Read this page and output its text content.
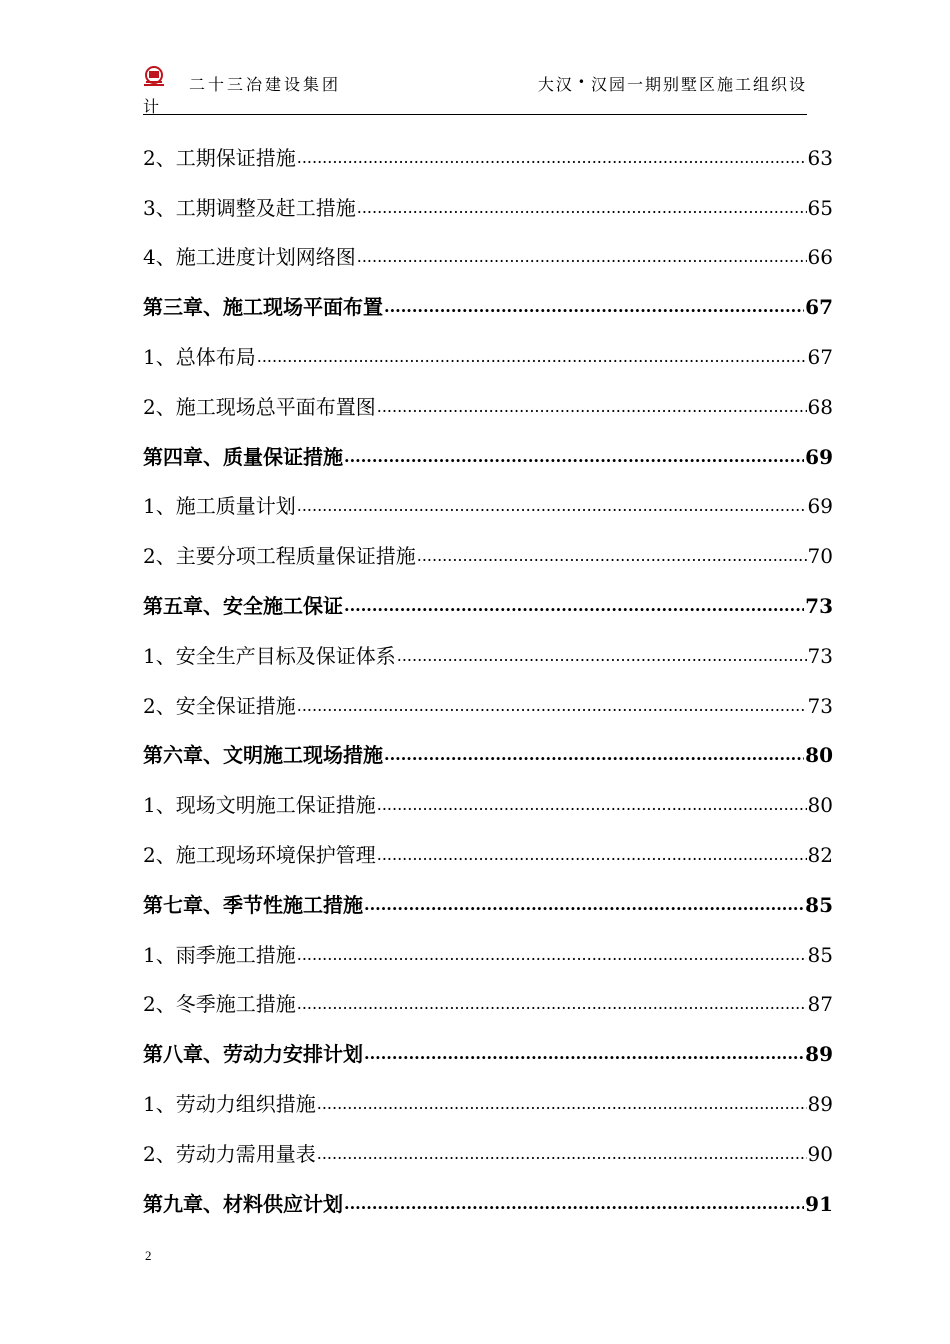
二十三冶建设集团	大汉 • 汉园一期别墅区施工组织设
计
2、工期保证措施 .....	63
3、工期调整及赶工措施 .....	65
4、施工进度计划网络图 .....	66
第三章、施工现场平面布置 .....	67
1、总体布局 .....	67
2、施工现场总平面布置图 .....	68
第四章、质量保证措施 .....	69
1、施工质量计划 .....	69
2、主要分项工程质量保证措施 .....	70
第五章、安全施工保证 .....	73
1、安全生产目标及保证体系 .....	73
2、安全保证措施 .....	73
第六章、文明施工现场措施 .....	80
1、现场文明施工保证措施 .....	80
2、施工现场环境保护管理 .....	82
第七章、季节性施工措施 .....	85
1、雨季施工措施 .....	85
2、冬季施工措施 .....	87
第八章、劳动力安排计划 .....	89
1、劳动力组织措施 .....	89
2、劳动力需用量表 .....	90
第九章、材料供应计划 .....	91
2
